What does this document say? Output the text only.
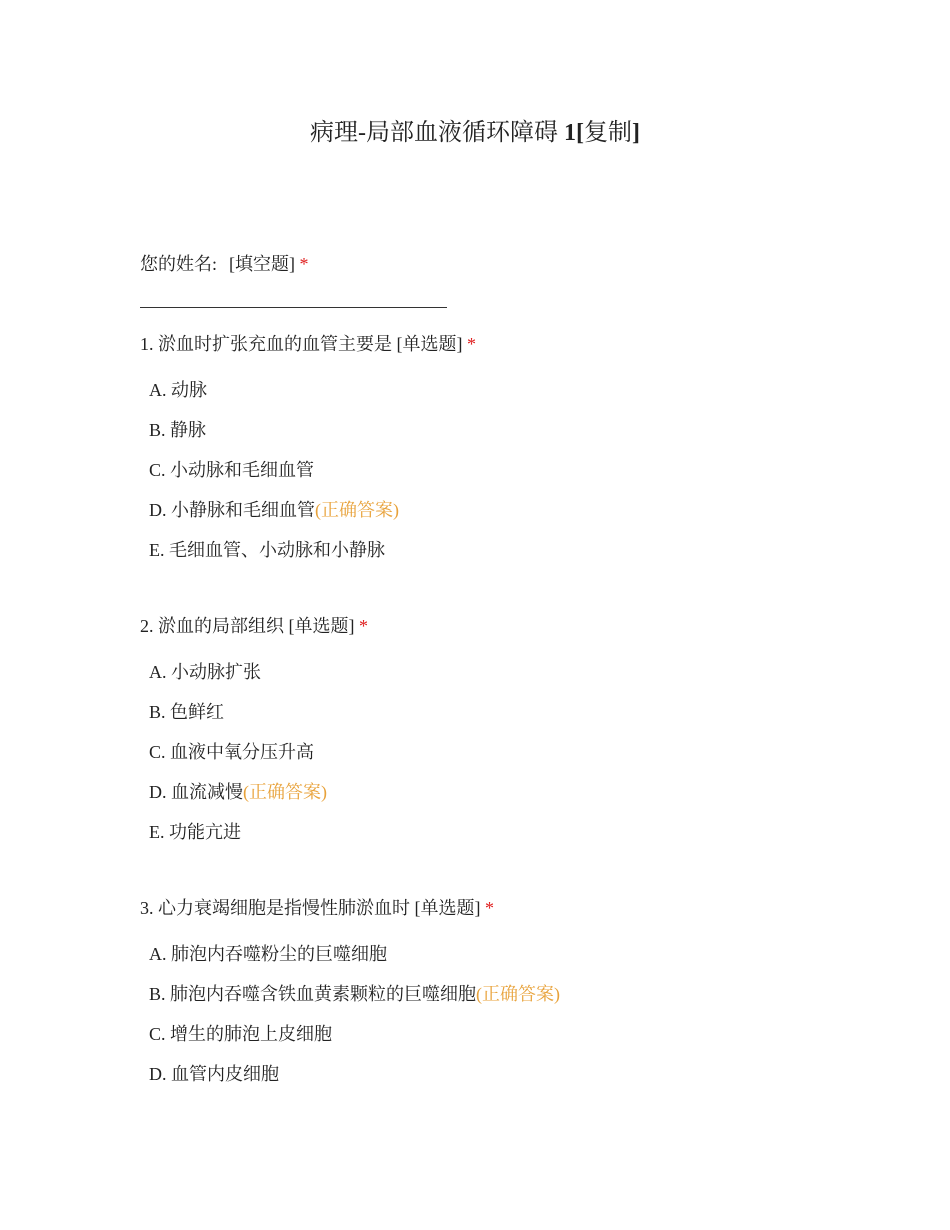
病理-局部血液循环障碍 1[复制]
您的姓名: [填空题] *
1. 淤血时扩张充血的血管主要是 [单选题] *
A. 动脉
B. 静脉
C. 小动脉和毛细血管
D. 小静脉和毛细血管(正确答案)
E. 毛细血管、小动脉和小静脉
2. 淤血的局部组织 [单选题] *
A. 小动脉扩张
B. 色鲜红
C. 血液中氧分压升高
D. 血流减慢(正确答案)
E. 功能亢进
3. 心力衰竭细胞是指慢性肺淤血时 [单选题] *
A. 肺泡内吞噬粉尘的巨噬细胞
B. 肺泡内吞噬含铁血黄素颗粒的巨噬细胞(正确答案)
C. 增生的肺泡上皮细胞
D. 血管内皮细胞
